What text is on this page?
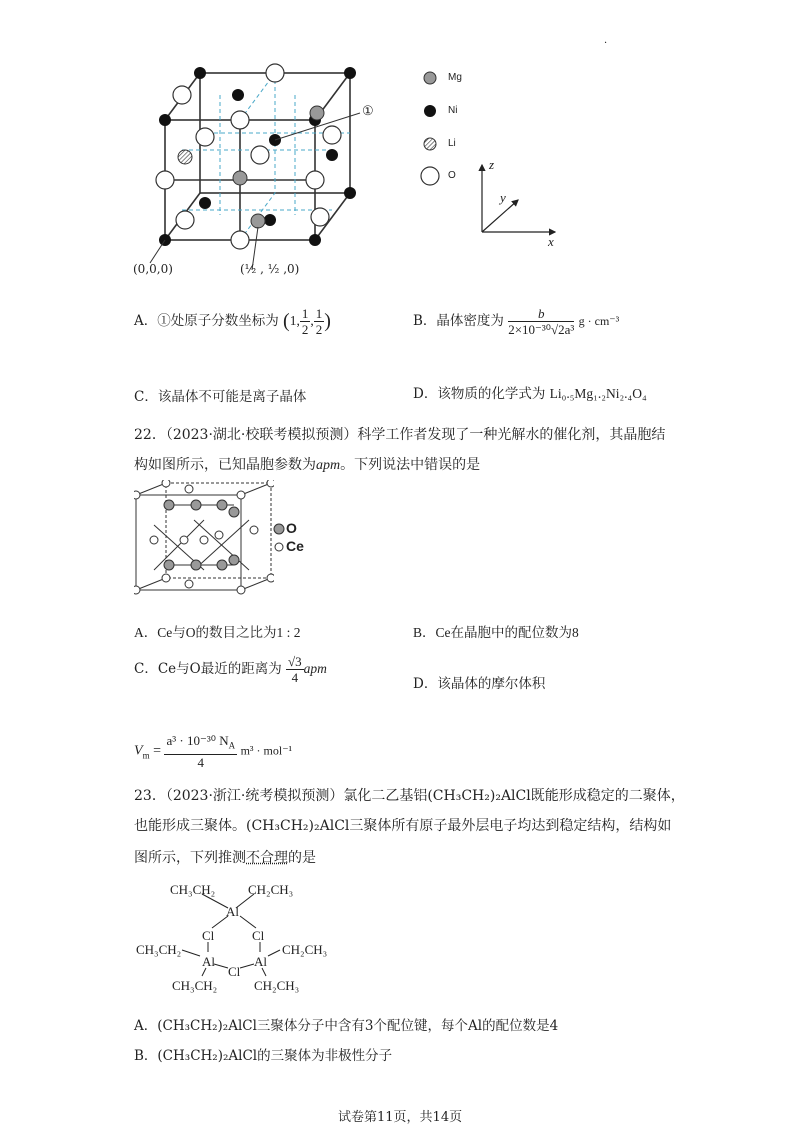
·
①
(0,0,0)	(½ , ½ ,0)
Mg
Ni
Li
O
z
y
x
A．①处原子分数坐标为 (1, $\frac{1}{2}$ , $\frac{1}{2}$ )	B．晶体密度为 $\frac{b}{\text{2×10⁻³⁰√2a³}}$ g · cm⁻³
C．该晶体不可能是离子晶体	D．该物质的化学式为 Li₀.₅Mg₁.₂Ni₂.₄O₄
22．（2023·湖北·校联考模拟预测）科学工作者发现了一种光解水的催化剂，其晶胞结
构如图所示，已知晶胞参数为apm。下列说法中错误的是
O
Ce
A．Ce与O的数目之比为1 : 2	B．Ce在晶胞中的配位数为8
C．Ce与O最近的距离为 $\frac{√3}{4}$ apm
D．该晶体的摩尔体积
$V_m = \frac{a^3 \cdot 10^{-30} N_A}{4} m^3 \cdot mol^{-1}$
23．（2023·浙江·统考模拟预测）氯化二乙基铝(CH₃CH₂)₂AlCl既能形成稳定的二聚体，
也能形成三聚体。(CH₃CH₂)₂AlCl三聚体所有原子最外层电子均达到稳定结构，结构如
图所示，下列推测不合理的是
CH₃CH₂	CH₂CH₃
Al
Cl	Cl
CH₃CH₂	CH₂CH₃
Al	Al
Cl
CH₃CH₂	CH₂CH₃
A．(CH₃CH₂)₂AlCl三聚体分子中含有3个配位键，每个Al的配位数是4
B．(CH₃CH₂)₂AlCl的三聚体为非极性分子
试卷第11页，共14页
